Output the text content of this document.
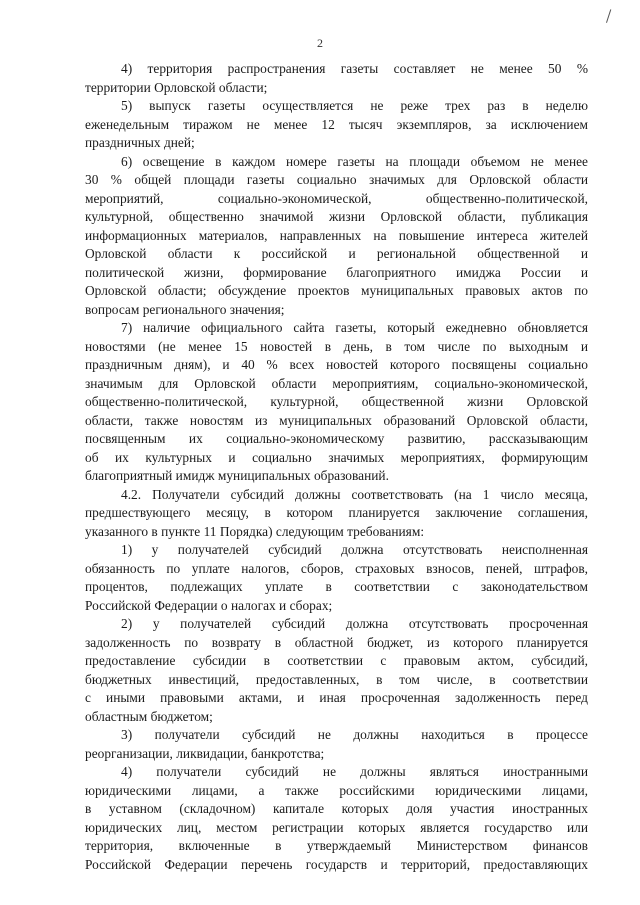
2
4) территория распространения газеты составляет не менее 50 %
территории Орловской области;
5) выпуск газеты осуществляется не реже трех раз в неделю
еженедельным тиражом не менее 12 тысяч экземпляров, за исключением
праздничных дней;
6) освещение в каждом номере газеты на площади объемом не менее
30 % общей площади газеты социально значимых для Орловской области
мероприятий, социально-экономической, общественно-политической,
культурной, общественно значимой жизни Орловской области, публикация
информационных материалов, направленных на повышение интереса жителей
Орловской области к российской и региональной общественной и
политической жизни, формирование благоприятного имиджа России и
Орловской области; обсуждение проектов муниципальных правовых актов по
вопросам регионального значения;
7) наличие официального сайта газеты, который ежедневно обновляется
новостями (не менее 15 новостей в день, в том числе по выходным и
праздничным дням), и 40 % всех новостей которого посвящены социально
значимым для Орловской области мероприятиям, социально-экономической,
общественно-политической, культурной, общественной жизни Орловской
области, также новостям из муниципальных образований Орловской области,
посвященным их социально-экономическому развитию, рассказывающим
об их культурных и социально значимых мероприятиях, формирующим
благоприятный имидж муниципальных образований.
4.2. Получатели субсидий должны соответствовать (на 1 число месяца,
предшествующего месяцу, в котором планируется заключение соглашения,
указанного в пункте 11 Порядка) следующим требованиям:
1) у получателей субсидий должна отсутствовать неисполненная
обязанность по уплате налогов, сборов, страховых взносов, пеней, штрафов,
процентов, подлежащих уплате в соответствии с законодательством
Российской Федерации о налогах и сборах;
2) у получателей субсидий должна отсутствовать просроченная
задолженность по возврату в областной бюджет, из которого планируется
предоставление субсидии в соответствии с правовым актом, субсидий,
бюджетных инвестиций, предоставленных, в том числе, в соответствии
с иными правовыми актами, и иная просроченная задолженность перед
областным бюджетом;
3) получатели субсидий не должны находиться в процессе
реорганизации, ликвидации, банкротства;
4) получатели субсидий не должны являться иностранными
юридическими лицами, а также российскими юридическими лицами,
в уставном (складочном) капитале которых доля участия иностранных
юридических лиц, местом регистрации которых является государство или
территория, включенные в утверждаемый Министерством финансов
Российской Федерации перечень государств и территорий, предоставляющих
